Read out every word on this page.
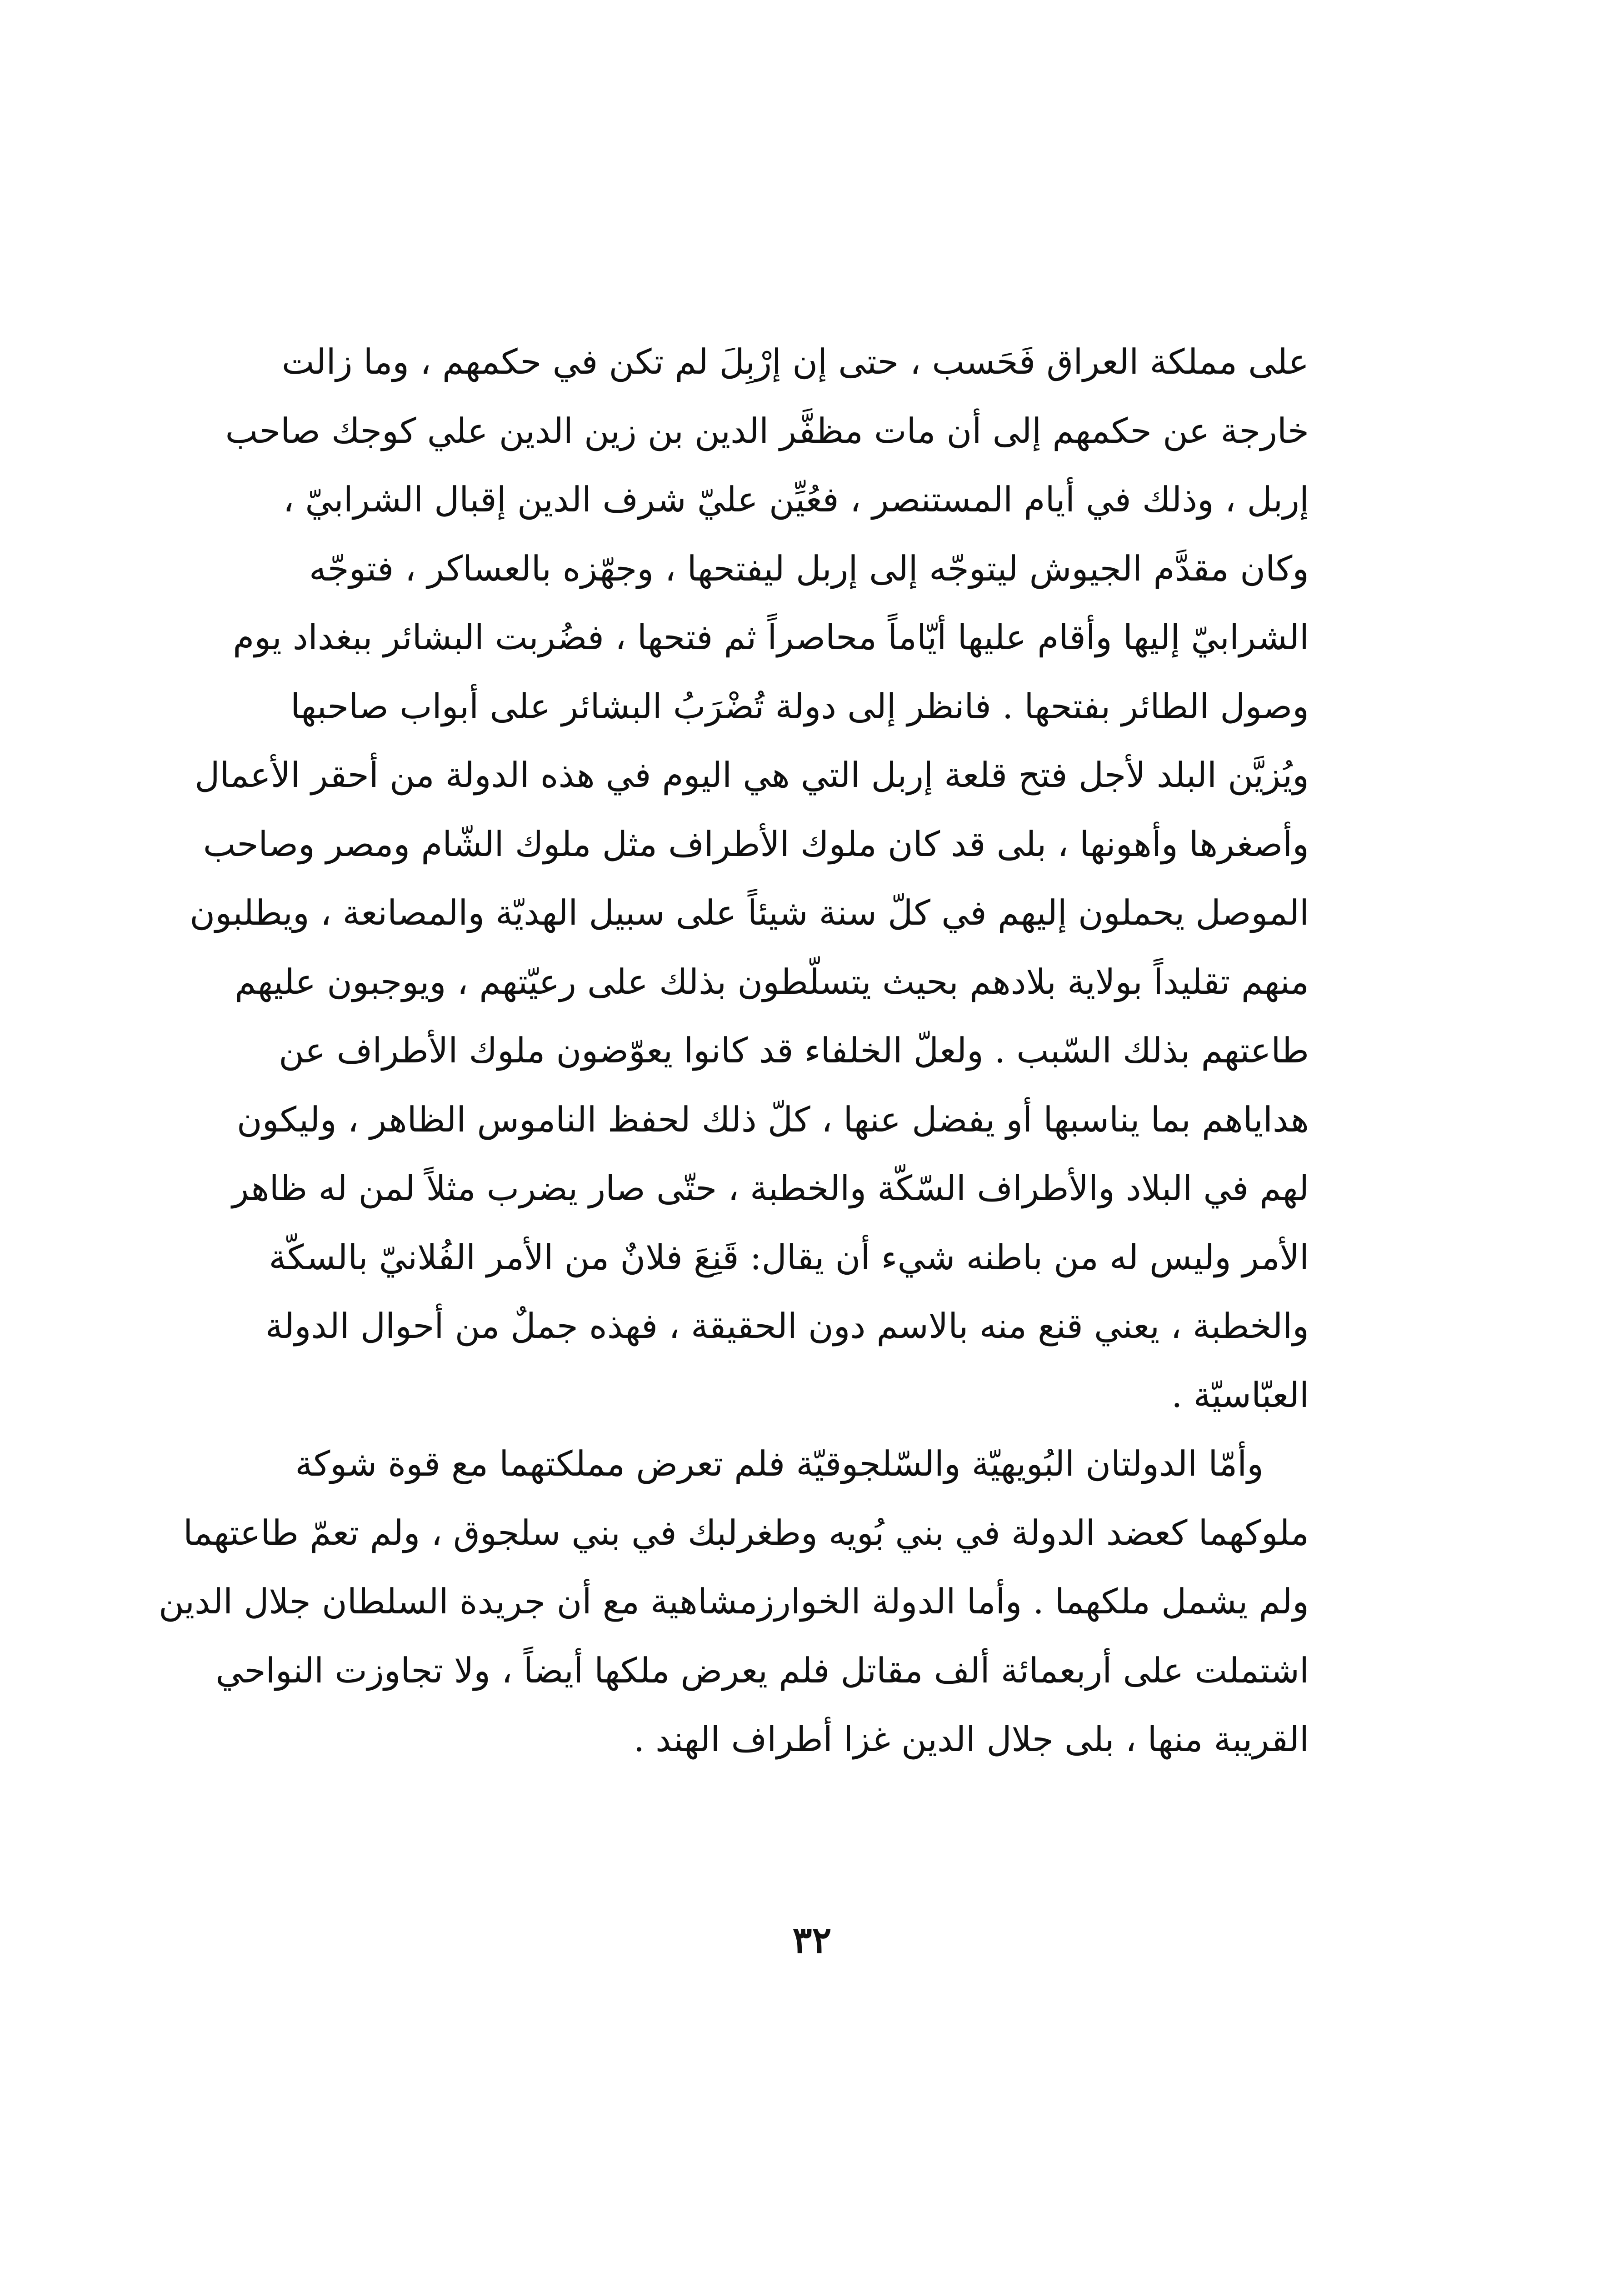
على مملكة العراق فَحَسب ، حتى إن إرْبِلَ لم تكن في حكمهم ، وما زالت
خارجة عن حكمهم إلى أن مات مظفَّر الدين بن زين الدين علي كوجك صاحب
إربل ، وذلك في أيام المستنصر ، فعُيِّن عليّ شرف الدين إقبال الشرابيّ ،
وكان مقدَّم الجيوش ليتوجّه إلى إربل ليفتحها ، وجهّزه بالعساكر ، فتوجّه
الشرابيّ إليها وأقام عليها أيّاماً محاصراً ثم فتحها ، فضُربت البشائر ببغداد يوم
وصول الطائر بفتحها . فانظر إلى دولة تُضْرَبُ البشائر على أبواب صاحبها
ويُزيَّن البلد لأجل فتح قلعة إربل التي هي اليوم في هذه الدولة من أحقر الأعمال
وأصغرها وأهونها ، بلى قد كان ملوك الأطراف مثل ملوك الشّام ومصر وصاحب
الموصل يحملون إليهم في كلّ سنة شيئاً على سبيل الهديّة والمصانعة ، ويطلبون
منهم تقليداً بولاية بلادهم بحيث يتسلّطون بذلك على رعيّتهم ، ويوجبون عليهم
طاعتهم بذلك السّبب . ولعلّ الخلفاء قد كانوا يعوّضون ملوك الأطراف عن
هداياهم بما يناسبها أو يفضل عنها ، كلّ ذلك لحفظ الناموس الظاهر ، وليكون
لهم في البلاد والأطراف السّكّة والخطبة ، حتّى صار يضرب مثلاً لمن له ظاهر
الأمر وليس له من باطنه شيء أن يقال: قَنِعَ فلانٌ من الأمر الفُلانيّ بالسكّة
والخطبة ، يعني قنع منه بالاسم دون الحقيقة ، فهذه جملٌ من أحوال الدولة
العبّاسيّة .
وأمّا الدولتان البُويهيّة والسّلجوقيّة فلم تعرض مملكتهما مع قوة شوكة
ملوكهما كعضد الدولة في بني بُويه وطغرلبك في بني سلجوق ، ولم تعمّ طاعتهما
ولم يشمل ملكهما . وأما الدولة الخوارزمشاهية مع أن جريدة السلطان جلال الدين
اشتملت على أربعمائة ألف مقاتل فلم يعرض ملكها أيضاً ، ولا تجاوزت النواحي
القريبة منها ، بلى جلال الدين غزا أطراف الهند .
٣٢
